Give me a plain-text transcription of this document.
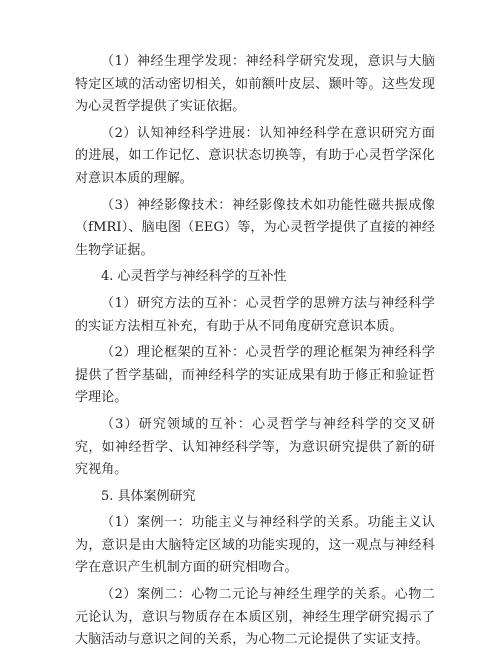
（1）神经生理学发现：神经科学研究发现，意识与大脑特定区域的活动密切相关，如前额叶皮层、颞叶等。这些发现为心灵哲学提供了实证依据。

（2）认知神经科学进展：认知神经科学在意识研究方面的进展，如工作记忆、意识状态切换等，有助于心灵哲学深化对意识本质的理解。

（3）神经影像技术：神经影像技术如功能性磁共振成像（fMRI）、脑电图（EEG）等，为心灵哲学提供了直接的神经生物学证据。

4. 心灵哲学与神经科学的互补性

（1）研究方法的互补：心灵哲学的思辨方法与神经科学的实证方法相互补充，有助于从不同角度研究意识本质。

（2）理论框架的互补：心灵哲学的理论框架为神经科学提供了哲学基础，而神经科学的实证成果有助于修正和验证哲学理论。

（3）研究领域的互补：心灵哲学与神经科学的交叉研究，如神经哲学、认知神经科学等，为意识研究提供了新的研究视角。

5. 具体案例研究

（1）案例一：功能主义与神经科学的关系。功能主义认为，意识是由大脑特定区域的功能实现的，这一观点与神经科学在意识产生机制方面的研究相吻合。

（2）案例二：心物二元论与神经生理学的关系。心物二元论认为，意识与物质存在本质区别，神经生理学研究揭示了大脑活动与意识之间的关系，为心物二元论提供了实证支持。
